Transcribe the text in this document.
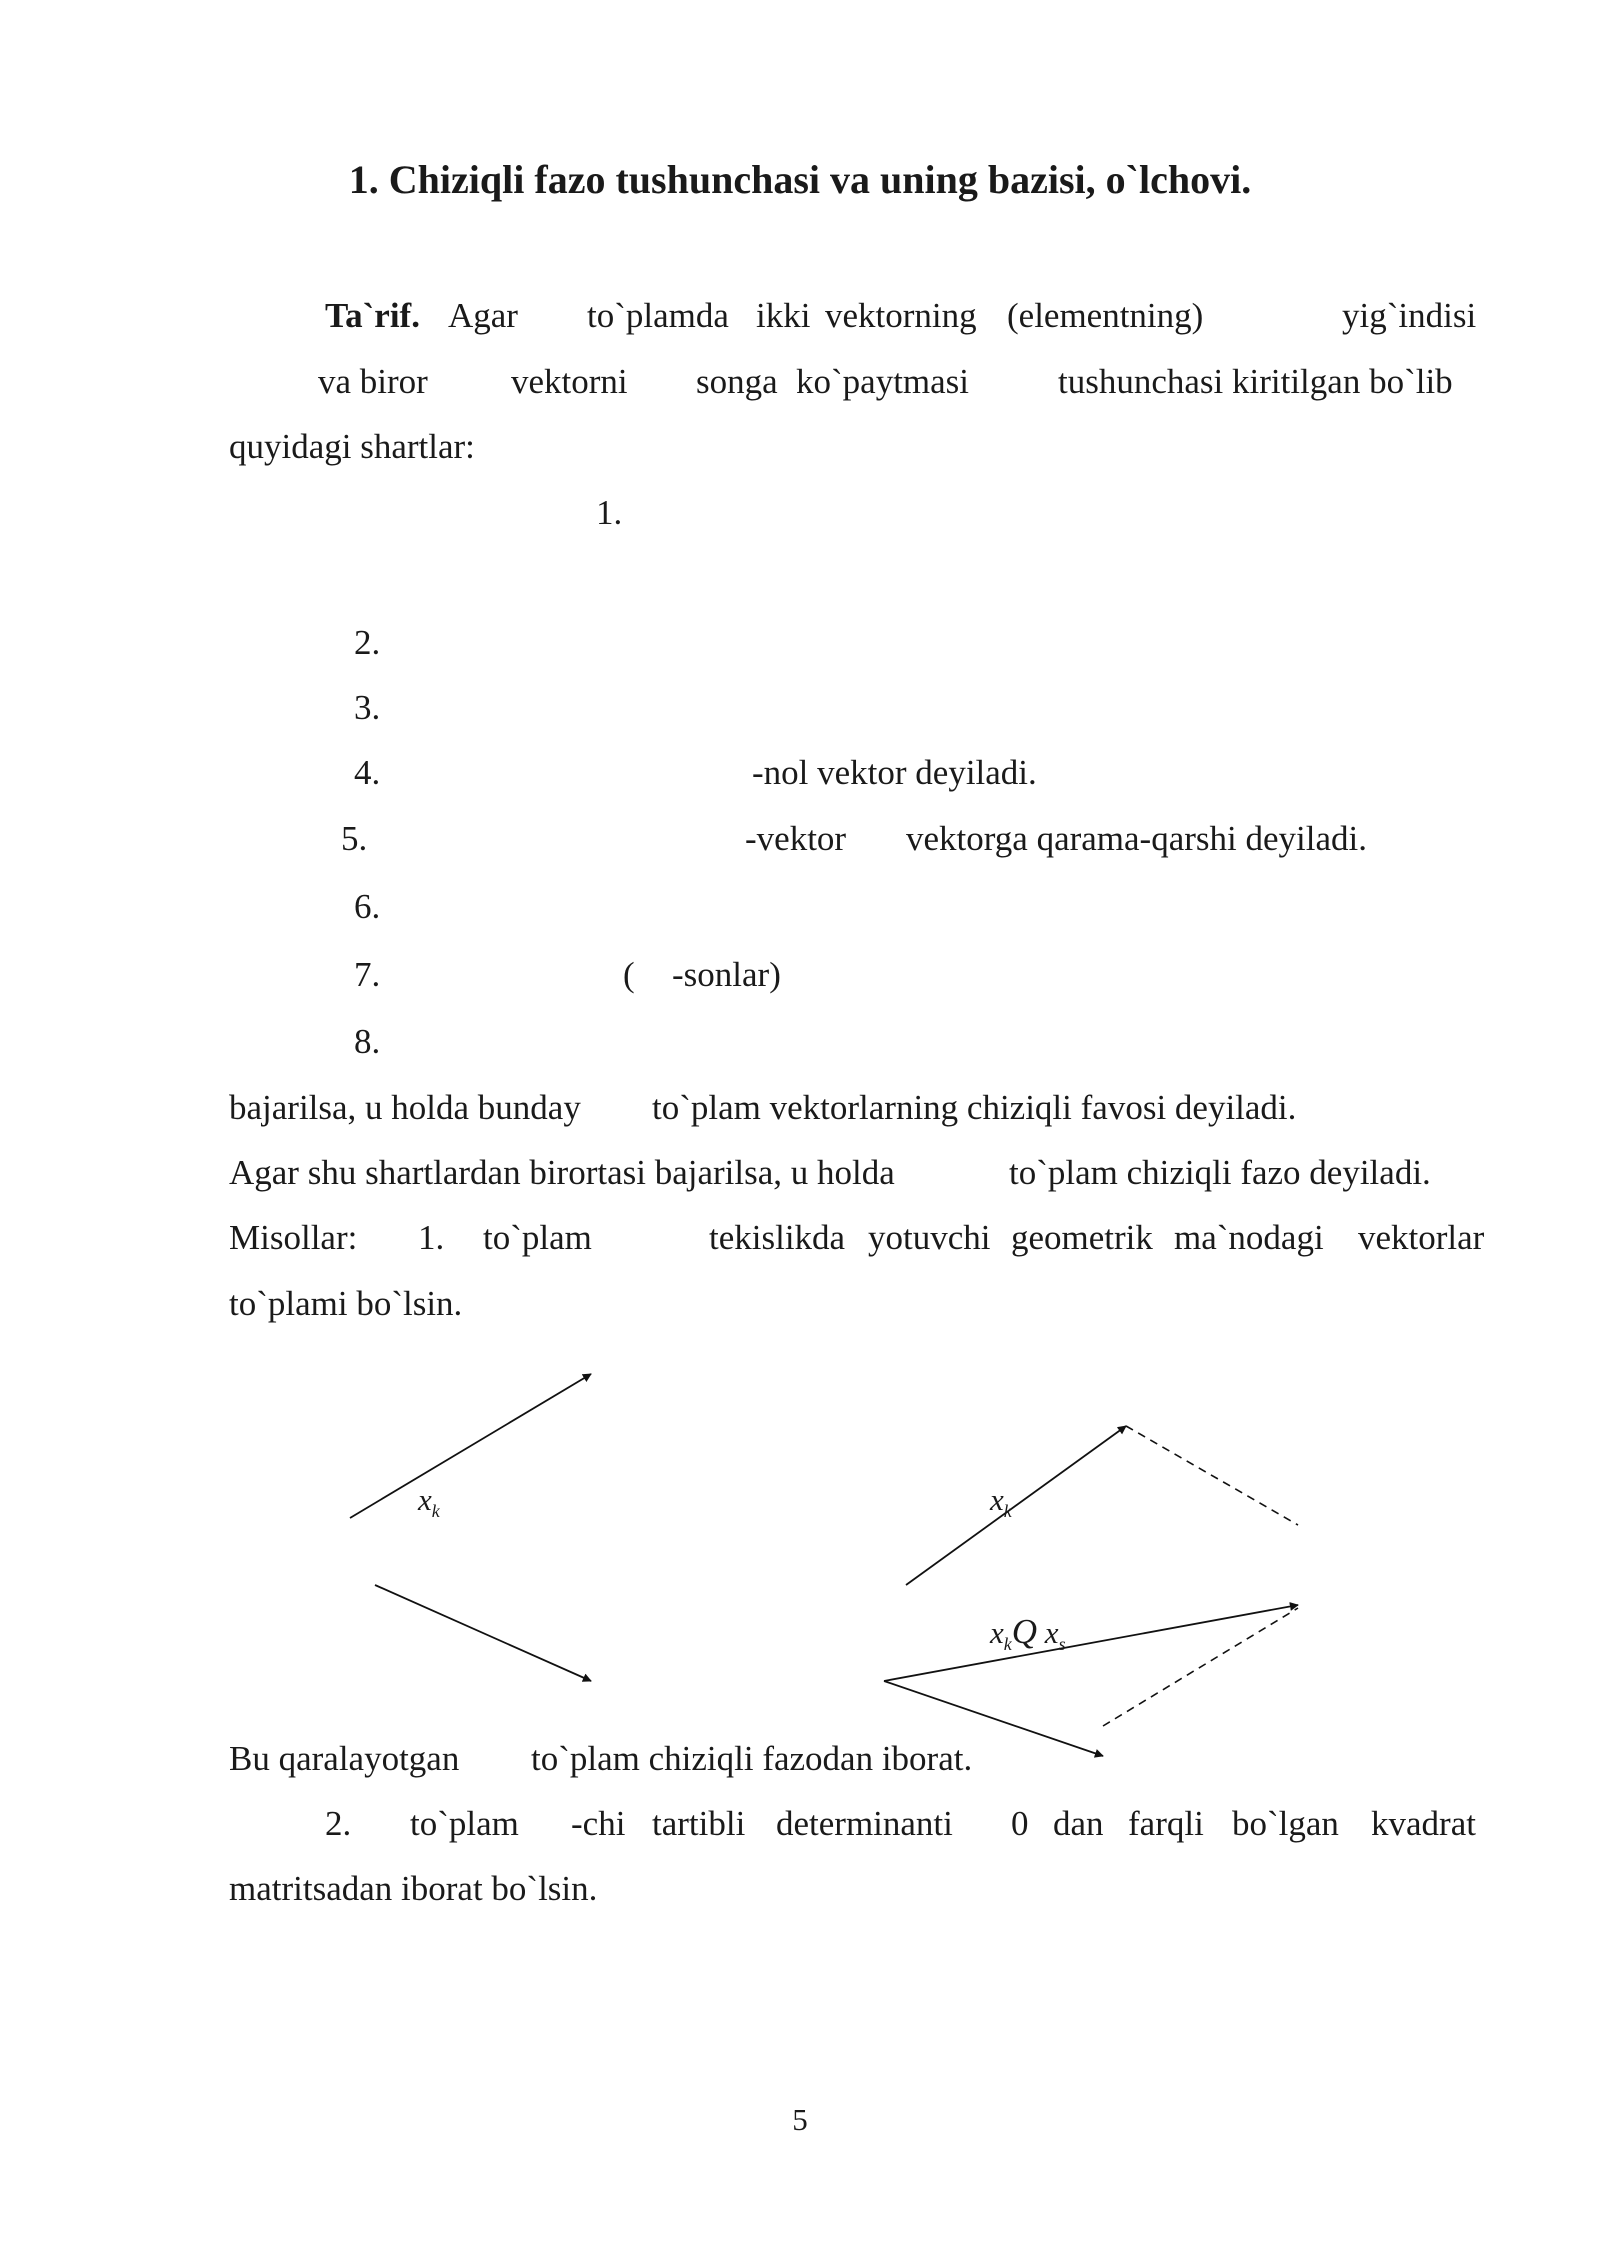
1. Chiziqli fazo tushunchasi va uning bazisi, o`lchovi.
Ta`rif. Agar to`plamda ikki vektorning (elementning)	yig`indisi
va biror vektorni songa ko`paytmasi	tushunchasi kiritilgan bo`lib
quyidagi shartlar:
1.
2.
3.
4.	-nol vektor deyiladi.
5.	-vektor vektorga qarama-qarshi deyiladi.
6.
7.	( -sonlar)
8.
bajarilsa, u holda bunday to`plam vektorlarning chiziqli favosi deyiladi.
Agar shu shartlardan birortasi bajarilsa, u holda	to`plam chiziqli fazo deyiladi.
Misollar: 1. to`plam	tekislikda yotuvchi geometrik ma`nodagi vektorlar
to`plami bo`lsin.
$x_k$	$x_k$
$x_kQ$ $x_s$
Bu qaralayotgan to`plam chiziqli fazodan iborat.
2. to`plam -chi tartibli determinanti 0 dan farqli bo`lgan kvadrat
matritsadan iborat bo`lsin.
5
